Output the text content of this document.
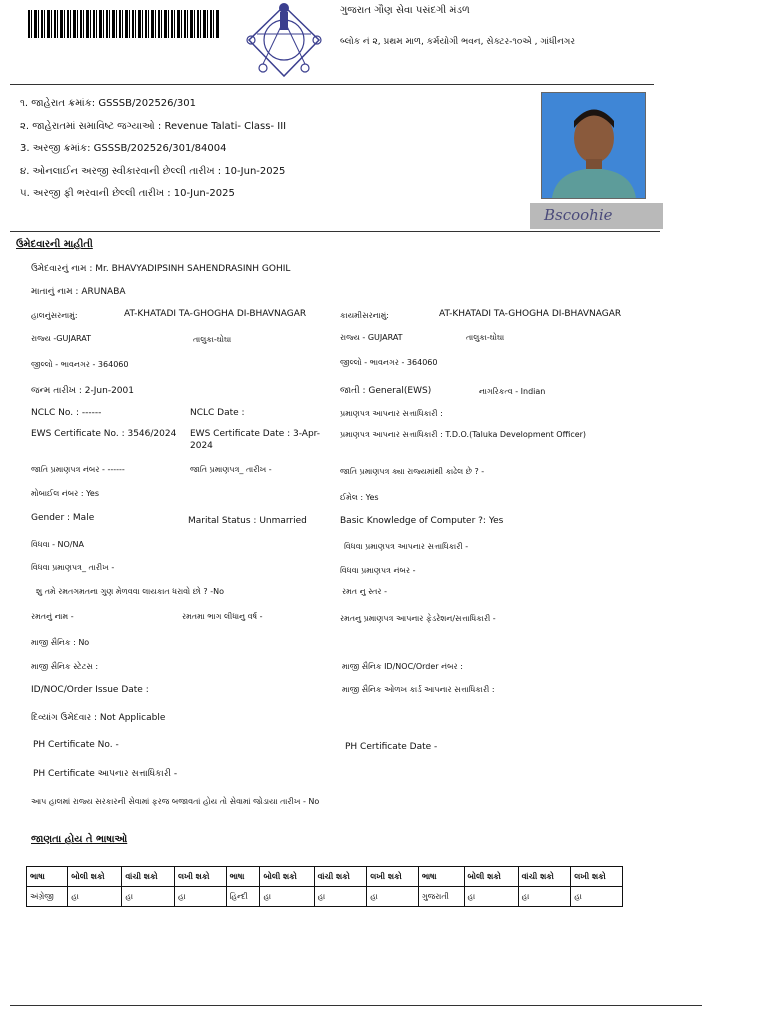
ગુજરાત ગૌણ સેવા પસંદગી મંડળ
બ્લોક નં ૨, પ્રથમ માળ, કર્મયોગી ભવન, સેક્ટર-૧૦એ , ગાંધીનગર
૧. જાહેરાત ક્રમાંક: GSSSB/202526/301
૨. જાહેરાતમાં સમાવિષ્ટ જગ્યાઓ : Revenue Talati- Class- III
3. અરજી ક્રમાંક: GSSSB/202526/301/84004
૪. ઓનલાઈન અરજી સ્વીકારવાની છેલ્લી તારીખ : 10-Jun-2025
૫. અરજી ફી ભરવાની છેલ્લી તારીખ : 10-Jun-2025
Bscoohie
ઉમેદવારની માહીતી
ઉમેદવારનું નામ : Mr. BHAVYADIPSINH SAHENDRASINH GOHIL
માતાનું નામ : ARUNABA
હાલનુંસરનામું:	AT-KHATADI TA-GHOGHA DI-BHAVNAGAR	કાયમીસરનામું:	AT-KHATADI TA-GHOGHA DI-BHAVNAGAR
રાજ્ય -GUJARAT	તાલુકા-ઘોઘા	રાજ્ય - GUJARAT	તાલુકા-ઘોઘા
જીલ્લો - ભાવનગર - 364060	જીલ્લો - ભાવનગર - 364060
જન્મ તારીખ : 2-Jun-2001	જાતી : General(EWS)	નાગરિકત્વ - Indian
NCLC No. : ------	NCLC Date :	પ્રમાણપત્ર આપનાર સત્તાધિકારી :
EWS Certificate No. : 3546/2024 EWS Certificate Date : 3-Apr-
2024
પ્રમાણપત્ર આપનાર સત્તાધિકારી : T.D.O.(Taluka Development Officer)
જાતિ પ્રમાણપત્ર નંબર - ------	જાતિ પ્રમાણપત્ર_ તારીખ -	જાતિ પ્રમાણપત્ર ક્યા રાજ્યમાંથી કાઢેલ છે ? -
મોબાઈલ નંબર : Yes	ઈમેલ : Yes
Gender : Male	Marital Status : Unmarried	Basic Knowledge of Computer ?: Yes
વિધવા - NO/NA	વિધવા પ્રમાણપત્ર આપનાર સત્તાધિકારી -
વિધવા પ્રમાણપત્ર_ તારીખ -	વિધવા પ્રમાણપત્ર નંબર -
શુ તમે રમતગમતના ગુણ મેળવવા લાયકાત ધરાવો છો ? -No	રમત નુ સ્તર -
રમતનું નામ -	રમતમા ભાગ લીધાનુ વર્ષ -	રમતનુ પ્રમાણપત્ર આપનાર ફેડરેશન/સત્તાધિકારી -
માજી સૈનિક : No
માજી સૈનિક સ્ટેટસ :	માજી સૈનિક ID/NOC/Order નંબર :
ID/NOC/Order Issue Date :	માજી સૈનિક ઓળખ કાર્ડ આપનાર સત્તાધિકારી :
દિવ્યાંગ ઉમેદવાર : Not Applicable
PH Certificate No. -	PH Certificate Date -
PH Certificate આપનાર સત્તાધિકારી -
આપ હાલમાં રાજ્ય સરકારની સેવામાં ફરજ બજાવતાં હોય તો સેવામાં જોડાયા તારીખ - No
જાણતા હોય તે ભાષાઓ
ભાષા	બોલી શકો	વાંચી શકો	લખી શકો	ભાષા	બોલી શકો	વાંચી શકો	લખી શકો	ભાષા	બોલી શકો	વાંચી શકો	લખી શકો
અંગ્રેજી	હા	હા	હા	હિન્દી	હા	હા	હા	ગુજરાતી	હા	હા	હા
